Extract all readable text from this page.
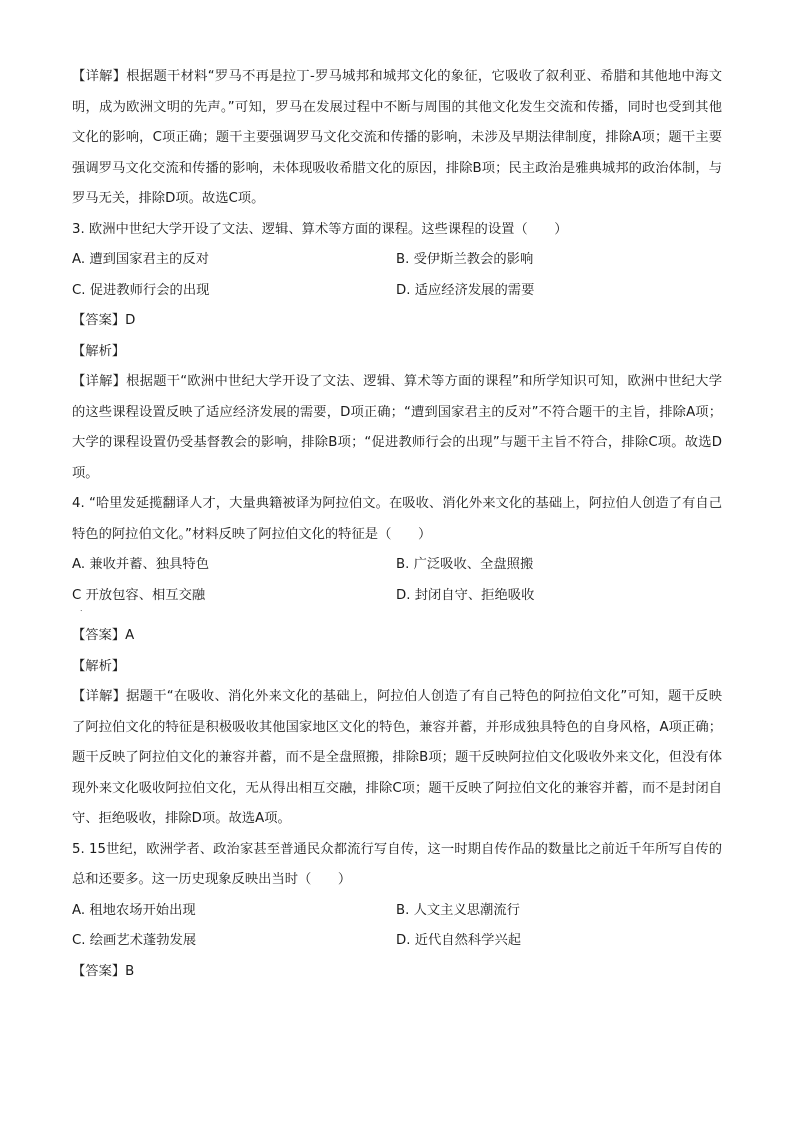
【详解】根据题干材料“罗马不再是拉丁-罗马城邦和城邦文化的象征，它吸收了叙利亚、希腊和其他地中海文明，成为欧洲文明的先声。”可知，罗马在发展过程中不断与周围的其他文化发生交流和传播，同时也受到其他文化的影响，C项正确；题干主要强调罗马文化交流和传播的影响，未涉及早期法律制度，排除A项；题干主要强调罗马文化交流和传播的影响，未体现吸收希腊文化的原因，排除B项；民主政治是雅典城邦的政治体制，与罗马无关，排除D项。故选C项。

3. 欧洲中世纪大学开设了文法、逻辑、算术等方面的课程。这些课程的设置（　　）

A. 遭到国家君主的反对	B. 受伊斯兰教会的影响

C. 促进教师行会的出现	D. 适应经济发展的需要

【答案】D

【解析】

【详解】根据题干“欧洲中世纪大学开设了文法、逻辑、算术等方面的课程”和所学知识可知，欧洲中世纪大学的这些课程设置反映了适应经济发展的需要，D项正确；“遭到国家君主的反对”不符合题干的主旨，排除A项；大学的课程设置仍受基督教会的影响，排除B项；“促进教师行会的出现”与题干主旨不符合，排除C项。故选D项。

4. “哈里发延揽翻译人才，大量典籍被译为阿拉伯文。在吸收、消化外来文化的基础上，阿拉伯人创造了有自己特色的阿拉伯文化。”材料反映了阿拉伯文化的特征是（　　）

A. 兼收并蓄、独具特色	B. 广泛吸收、全盘照搬

C 开放包容、相互交融	D. 封闭自守、拒绝吸收

．

【答案】A

【解析】

【详解】据题干“在吸收、消化外来文化的基础上，阿拉伯人创造了有自己特色的阿拉伯文化”可知，题干反映了阿拉伯文化的特征是积极吸收其他国家地区文化的特色，兼容并蓄，并形成独具特色的自身风格，A项正确；题干反映了阿拉伯文化的兼容并蓄，而不是全盘照搬，排除B项；题干反映阿拉伯文化吸收外来文化，但没有体现外来文化吸收阿拉伯文化，无从得出相互交融，排除C项；题干反映了阿拉伯文化的兼容并蓄，而不是封闭自守、拒绝吸收，排除D项。故选A项。

5. 15世纪，欧洲学者、政治家甚至普通民众都流行写自传，这一时期自传作品的数量比之前近千年所写自传的总和还要多。这一历史现象反映出当时（　　）

A. 租地农场开始出现	B. 人文主义思潮流行

C. 绘画艺术蓬勃发展	D. 近代自然科学兴起

【答案】B
